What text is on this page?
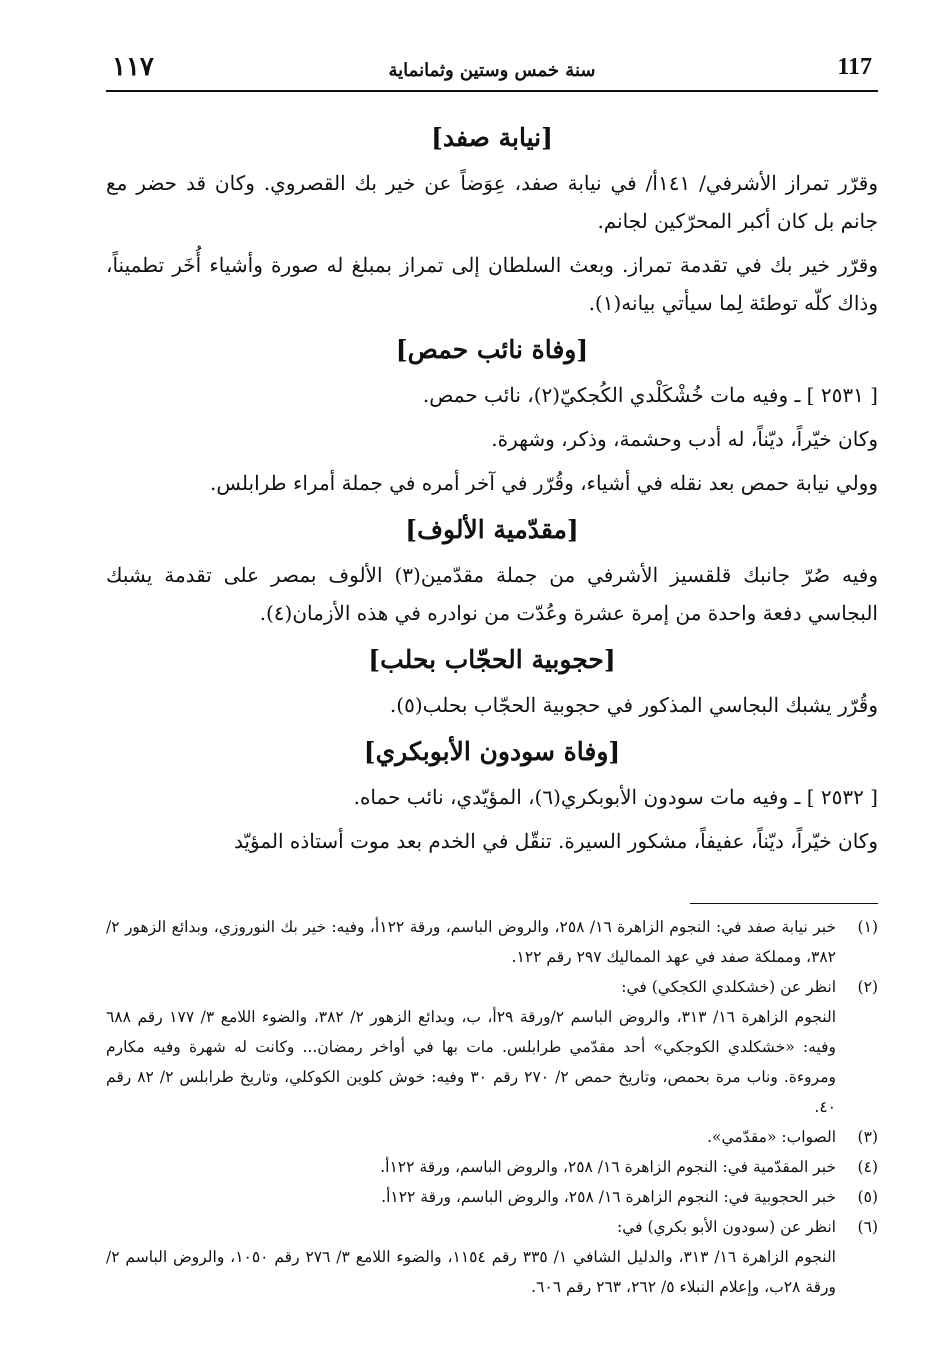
١١٧	سنة خمس وستين وثمانماية	117
[نيابة صفد]

وقرّر تمراز الأشرفي/ ١٤١أ/ في نيابة صفد، عِوَضاً عن خير بك القصروي. وكان قد حضر مع جانم بل كان أكبر المحرّكين لجانم.

وقرّر خير بك في تقدمة تمراز. وبعث السلطان إلى تمراز بمبلغ له صورة وأشياء أُخَر تطميناً، وذاك كلّه توطئة لِما سيأتي بيانه(١).

[وفاة نائب حمص]

[ ٢٥٣١ ] ـ وفيه مات خُشْكَلْدي الكُجكيّ(٢)، نائب حمص.

وكان خيّراً، ديّناً، له أدب وحشمة، وذكر، وشهرة.

وولي نيابة حمص بعد نقله في أشياء، وقُرّر في آخر أمره في جملة أمراء طرابلس.

[مقدّمية الألوف]

وفيه صُرّ جانبك قلقسيز الأشرفي من جملة مقدّمين(٣) الألوف بمصر على تقدمة يشبك البجاسي دفعة واحدة من إمرة عشرة وعُدّت من نوادره في هذه الأزمان(٤).

[حجوبية الحجّاب بحلب]

وقُرّر يشبك البجاسي المذكور في حجوبية الحجّاب بحلب(٥).

[وفاة سودون الأبوبكري]

[ ٢٥٣٢ ] ـ وفيه مات سودون الأبوبكري(٦)، المؤيّدي، نائب حماه.

وكان خيّراً، ديّناً، عفيفاً، مشكور السيرة. تنقّل في الخدم بعد موت أستاذه المؤيّد

(١)
خبر نيابة صفد في: النجوم الزاهرة ١٦/ ٢٥٨، والروض الباسم، ورقة ١٢٢أ، وفيه: خير بك النوروزي، وبدائع الزهور ٢/ ٣٨٢، ومملكة صفد في عهد المماليك ٢٩٧ رقم ١٢٢.
(٢)
انظر عن (خشكلدي الكجكي) في:
النجوم الزاهرة ١٦/ ٣١٣، والروض الباسم ٢/ورقة ٢٩أ، ب، وبدائع الزهور ٢/ ٣٨٢، والضوء اللامع ٣/ ١٧٧ رقم ٦٨٨ وفيه: «خشكلدي الكوجكي» أحد مقدّمي طرابلس. مات بها في أواخر رمضان... وكانت له شهرة وفيه مكارم ومروءة. وناب مرة بحمص، وتاريخ حمص ٢/ ٢٧٠ رقم ٣٠ وفيه: خوش كلوين الكوكلي، وتاريخ طرابلس ٢/ ٨٢ رقم ٤٠.
(٣)
الصواب: «مقدّمي».
(٤)
خبر المقدّمية في: النجوم الزاهرة ١٦/ ٢٥٨، والروض الباسم، ورقة ١٢٢أ.
(٥)
خبر الحجوبية في: النجوم الزاهرة ١٦/ ٢٥٨، والروض الباسم، ورقة ١٢٢أ.
(٦)
انظر عن (سودون الأبو بكري) في:
النجوم الزاهرة ١٦/ ٣١٣، والدليل الشافي ١/ ٣٣٥ رقم ١١٥٤، والضوء اللامع ٣/ ٢٧٦ رقم ١٠٥٠، والروض الباسم ٢/ورقة ٢٨ب، وإعلام النبلاء ٥/ ٢٦٢، ٢٦٣ رقم ٦٠٦.
